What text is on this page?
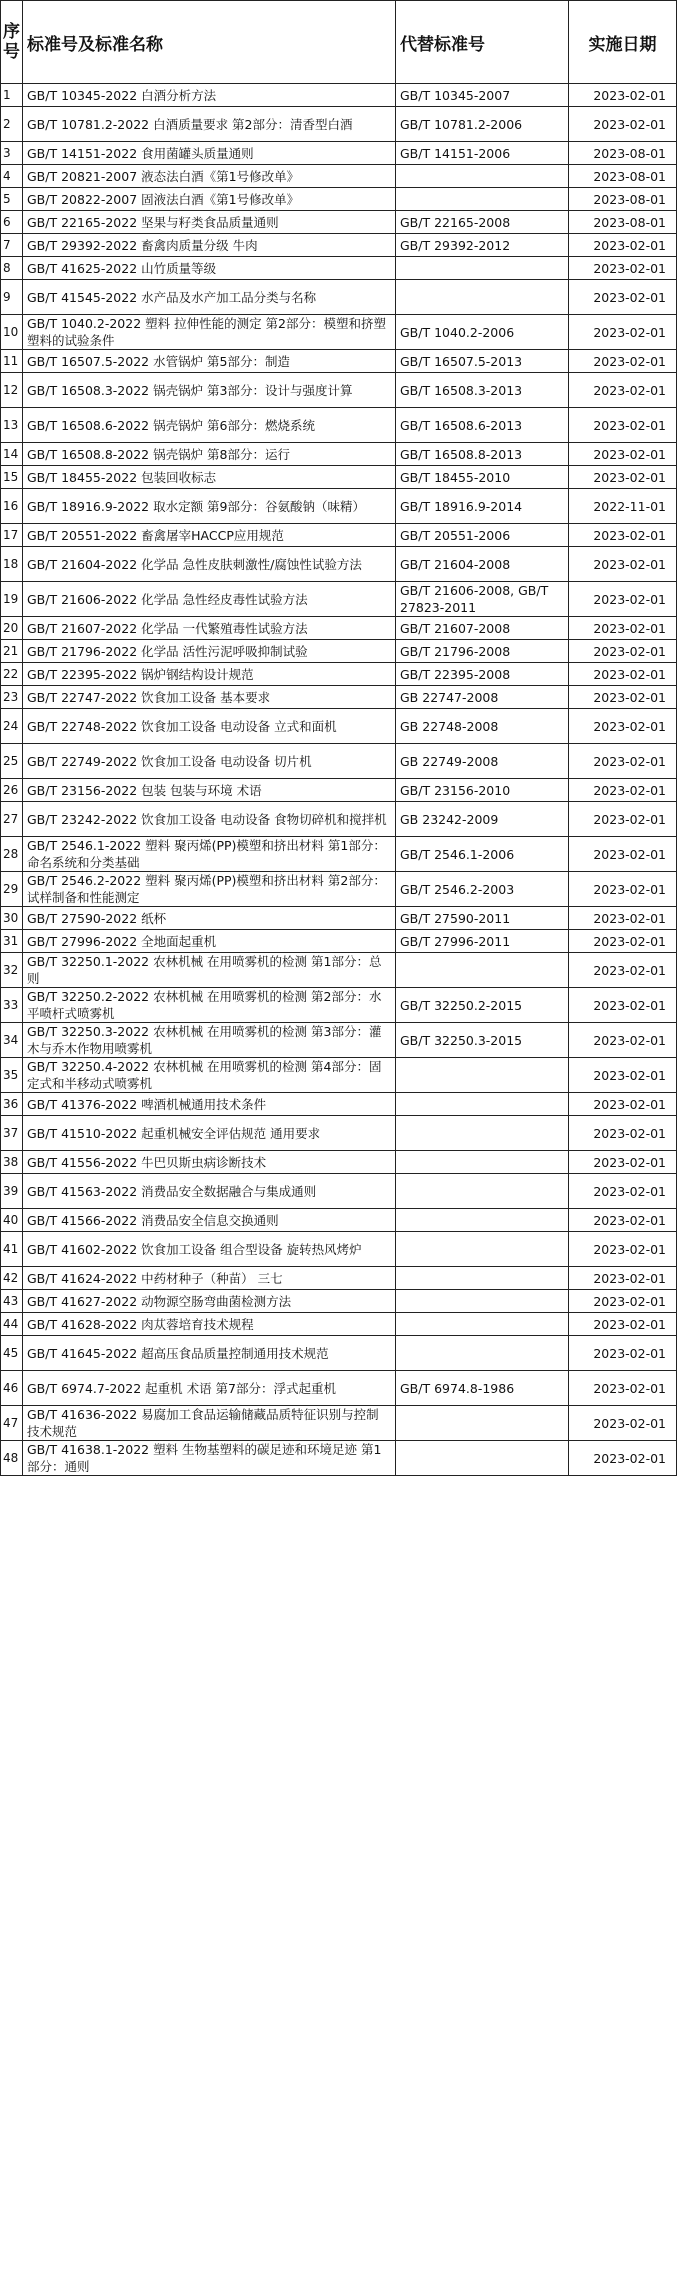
序号	标准号及标准名称	代替标准号	实施日期
1	GB/T 10345-2022 白酒分析方法	GB/T 10345-2007	2023-02-01
2	GB/T 10781.2-2022 白酒质量要求 第2部分：清香型白酒	GB/T 10781.2-2006	2023-02-01
3	GB/T 14151-2022 食用菌罐头质量通则	GB/T 14151-2006	2023-08-01
4	GB/T 20821-2007 液态法白酒《第1号修改单》		2023-08-01
5	GB/T 20822-2007 固液法白酒《第1号修改单》		2023-08-01
6	GB/T 22165-2022 坚果与籽类食品质量通则	GB/T 22165-2008	2023-08-01
7	GB/T 29392-2022 畜禽肉质量分级 牛肉	GB/T 29392-2012	2023-02-01
8	GB/T 41625-2022 山竹质量等级		2023-02-01
9	GB/T 41545-2022 水产品及水产加工品分类与名称		2023-02-01
10	GB/T 1040.2-2022 塑料 拉伸性能的测定 第2部分：模塑和挤塑塑料的试验条件	GB/T 1040.2-2006	2023-02-01
11	GB/T 16507.5-2022 水管锅炉 第5部分：制造	GB/T 16507.5-2013	2023-02-01
12	GB/T 16508.3-2022 锅壳锅炉 第3部分：设计与强度计算	GB/T 16508.3-2013	2023-02-01
13	GB/T 16508.6-2022 锅壳锅炉 第6部分：燃烧系统	GB/T 16508.6-2013	2023-02-01
14	GB/T 16508.8-2022 锅壳锅炉 第8部分：运行	GB/T 16508.8-2013	2023-02-01
15	GB/T 18455-2022 包装回收标志	GB/T 18455-2010	2023-02-01
16	GB/T 18916.9-2022 取水定额 第9部分：谷氨酸钠（味精）	GB/T 18916.9-2014	2022-11-01
17	GB/T 20551-2022 畜禽屠宰HACCP应用规范	GB/T 20551-2006	2023-02-01
18	GB/T 21604-2022 化学品 急性皮肤刺激性/腐蚀性试验方法	GB/T 21604-2008	2023-02-01
19	GB/T 21606-2022 化学品 急性经皮毒性试验方法	GB/T 21606-2008, GB/T 27823-2011	2023-02-01
20	GB/T 21607-2022 化学品 一代繁殖毒性试验方法	GB/T 21607-2008	2023-02-01
21	GB/T 21796-2022 化学品 活性污泥呼吸抑制试验	GB/T 21796-2008	2023-02-01
22	GB/T 22395-2022 锅炉钢结构设计规范	GB/T 22395-2008	2023-02-01
23	GB/T 22747-2022 饮食加工设备 基本要求	GB 22747-2008	2023-02-01
24	GB/T 22748-2022 饮食加工设备 电动设备 立式和面机	GB 22748-2008	2023-02-01
25	GB/T 22749-2022 饮食加工设备 电动设备 切片机	GB 22749-2008	2023-02-01
26	GB/T 23156-2022 包装 包装与环境 术语	GB/T 23156-2010	2023-02-01
27	GB/T 23242-2022 饮食加工设备 电动设备 食物切碎机和搅拌机	GB 23242-2009	2023-02-01
28	GB/T 2546.1-2022 塑料 聚丙烯(PP)模塑和挤出材料 第1部分：命名系统和分类基础	GB/T 2546.1-2006	2023-02-01
29	GB/T 2546.2-2022 塑料 聚丙烯(PP)模塑和挤出材料 第2部分：试样制备和性能测定	GB/T 2546.2-2003	2023-02-01
30	GB/T 27590-2022 纸杯	GB/T 27590-2011	2023-02-01
31	GB/T 27996-2022 全地面起重机	GB/T 27996-2011	2023-02-01
32	GB/T 32250.1-2022 农林机械 在用喷雾机的检测 第1部分：总则		2023-02-01
33	GB/T 32250.2-2022 农林机械 在用喷雾机的检测 第2部分：水平喷杆式喷雾机	GB/T 32250.2-2015	2023-02-01
34	GB/T 32250.3-2022 农林机械 在用喷雾机的检测 第3部分：灌木与乔木作物用喷雾机	GB/T 32250.3-2015	2023-02-01
35	GB/T 32250.4-2022 农林机械 在用喷雾机的检测 第4部分：固定式和半移动式喷雾机		2023-02-01
36	GB/T 41376-2022 啤酒机械通用技术条件		2023-02-01
37	GB/T 41510-2022 起重机械安全评估规范 通用要求		2023-02-01
38	GB/T 41556-2022 牛巴贝斯虫病诊断技术		2023-02-01
39	GB/T 41563-2022 消费品安全数据融合与集成通则		2023-02-01
40	GB/T 41566-2022 消费品安全信息交换通则		2023-02-01
41	GB/T 41602-2022 饮食加工设备 组合型设备 旋转热风烤炉		2023-02-01
42	GB/T 41624-2022 中药材种子（种苗） 三七		2023-02-01
43	GB/T 41627-2022 动物源空肠弯曲菌检测方法		2023-02-01
44	GB/T 41628-2022 肉苁蓉培育技术规程		2023-02-01
45	GB/T 41645-2022 超高压食品质量控制通用技术规范		2023-02-01
46	GB/T 6974.7-2022 起重机 术语 第7部分：浮式起重机	GB/T 6974.8-1986	2023-02-01
47	GB/T 41636-2022 易腐加工食品运输储藏品质特征识别与控制技术规范		2023-02-01
48	GB/T 41638.1-2022 塑料 生物基塑料的碳足迹和环境足迹 第1部分：通则		2023-02-01
